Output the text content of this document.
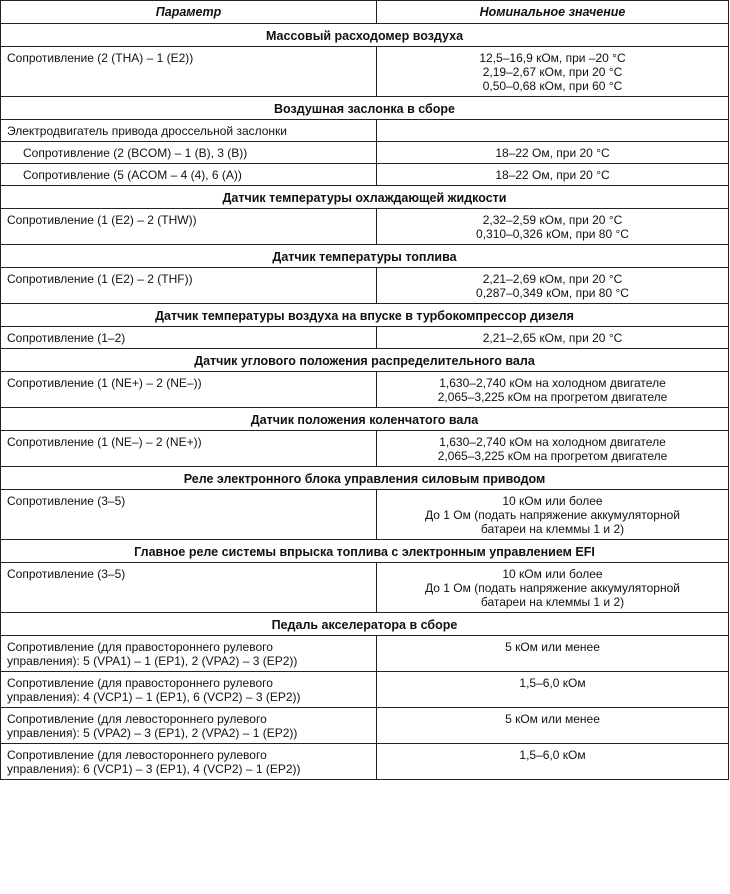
Параметр	Номинальное значение
Массовый расходомер воздуха	
Сопротивление (2 (THA) – 1 (E2))	12,5–16,9 кОм, при –20 °С
2,19–2,67 кОм, при 20 °С
0,50–0,68 кОм, при 60 °С
Воздушная заслонка в сборе	
Электродвигатель привода дроссельной заслонки	
Сопротивление (2 (BCOM) – 1 (B), 3 (B))	18–22 Ом, при 20 °С
Сопротивление (5 (ACOM – 4 (4), 6 (A))	18–22 Ом, при 20 °С
Датчик температуры охлаждающей жидкости	
Сопротивление (1 (E2) – 2 (THW))	2,32–2,59 кОм, при 20 °С
0,310–0,326 кОм, при 80 °С
Датчик температуры топлива	
Сопротивление (1 (E2) – 2 (THF))	2,21–2,69 кОм, при 20 °С
0,287–0,349 кОм, при 80 °С
Датчик температуры воздуха на впуске в турбокомпрессор дизеля	
Сопротивление (1–2)	2,21–2,65 кОм, при 20 °С
Датчик углового положения распределительного вала	
Сопротивление (1 (NE+) – 2 (NE–))	1,630–2,740 кОм на холодном двигателе
2,065–3,225 кОм на прогретом двигателе
Датчик положения коленчатого вала	
Сопротивление (1 (NE–) – 2 (NE+))	1,630–2,740 кОм на холодном двигателе
2,065–3,225 кОм на прогретом двигателе
Реле электронного блока управления силовым приводом	
Сопротивление (3–5)	10 кОм или более
До 1 Ом (подать напряжение аккумуляторной
батареи на клеммы 1 и 2)
Главное реле системы впрыска топлива с электронным управлением EFI	
Сопротивление (3–5)	10 кОм или более
До 1 Ом (подать напряжение аккумуляторной
батареи на клеммы 1 и 2)
Педаль акселератора в сборе	
Сопротивление (для правостороннего рулевого
управления): 5 (VPA1) – 1 (EP1), 2 (VPA2) – 3 (EP2))	5 кОм или менее
Сопротивление (для правостороннего рулевого
управления): 4 (VCP1) – 1 (EP1), 6 (VCP2) – 3 (EP2))	1,5–6,0 кОм
Сопротивление (для левостороннего рулевого
управления): 5 (VPA2) – 3 (EP1), 2 (VPA2) – 1 (EP2))	5 кОм или менее
Сопротивление (для левостороннего рулевого
управления): 6 (VCP1) – 3 (EP1), 4 (VCP2) – 1 (EP2))	1,5–6,0 кОм
